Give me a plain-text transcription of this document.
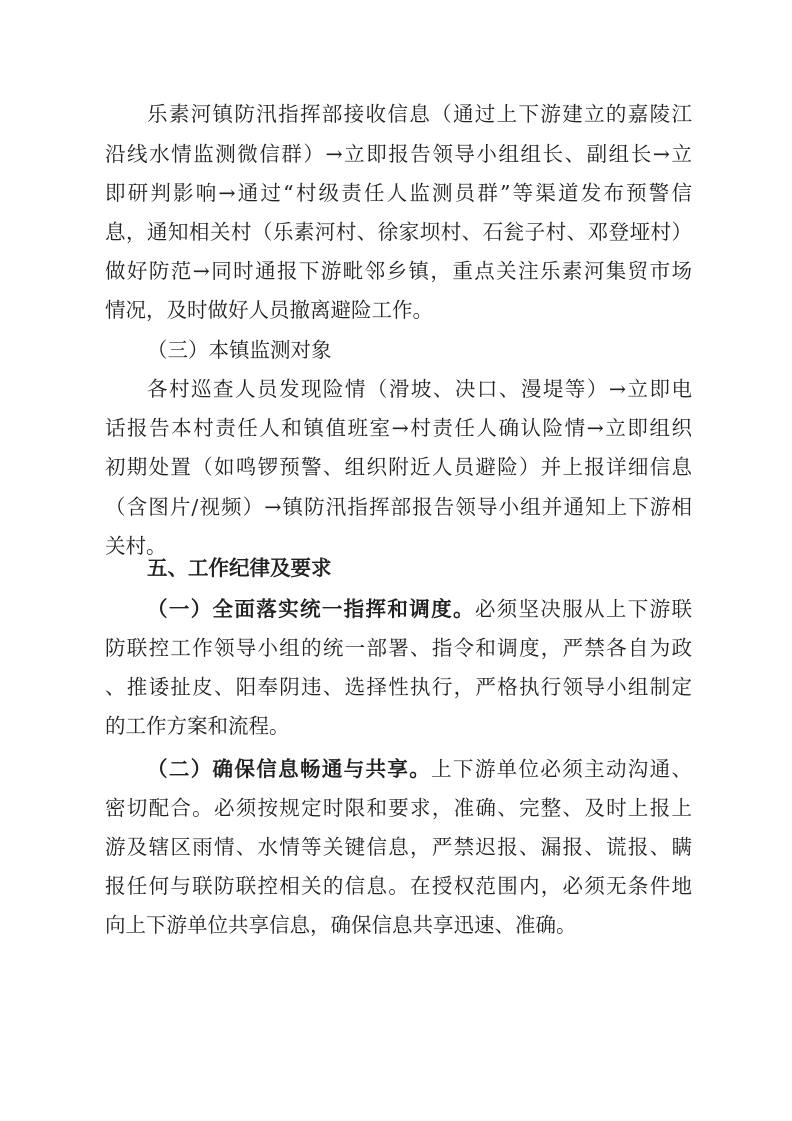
乐素河镇防汛指挥部接收信息（通过上下游建立的嘉陵江
沿线水情监测微信群）→立即报告领导小组组长、副组长→立
即研判影响→通过“村级责任人监测员群”等渠道发布预警信
息，通知相关村（乐素河村、徐家坝村、石瓮子村、邓登垭村）
做好防范→同时通报下游毗邻乡镇，重点关注乐素河集贸市场
情况，及时做好人员撤离避险工作。
（三）本镇监测对象
各村巡查人员发现险情（滑坡、决口、漫堤等）→立即电
话报告本村责任人和镇值班室→村责任人确认险情→立即组织
初期处置（如鸣锣预警、组织附近人员避险）并上报详细信息
（含图片/视频）→镇防汛指挥部报告领导小组并通知上下游相
关村。
五、工作纪律及要求
（一）全面落实统一指挥和调度。必须坚决服从上下游联
防联控工作领导小组的统一部署、指令和调度，严禁各自为政
、推诿扯皮、阳奉阴违、选择性执行，严格执行领导小组制定
的工作方案和流程。
（二）确保信息畅通与共享。上下游单位必须主动沟通、
密切配合。必须按规定时限和要求，准确、完整、及时上报上
游及辖区雨情、水情等关键信息，严禁迟报、漏报、谎报、瞒
报任何与联防联控相关的信息。在授权范围内，必须无条件地
向上下游单位共享信息，确保信息共享迅速、准确。
